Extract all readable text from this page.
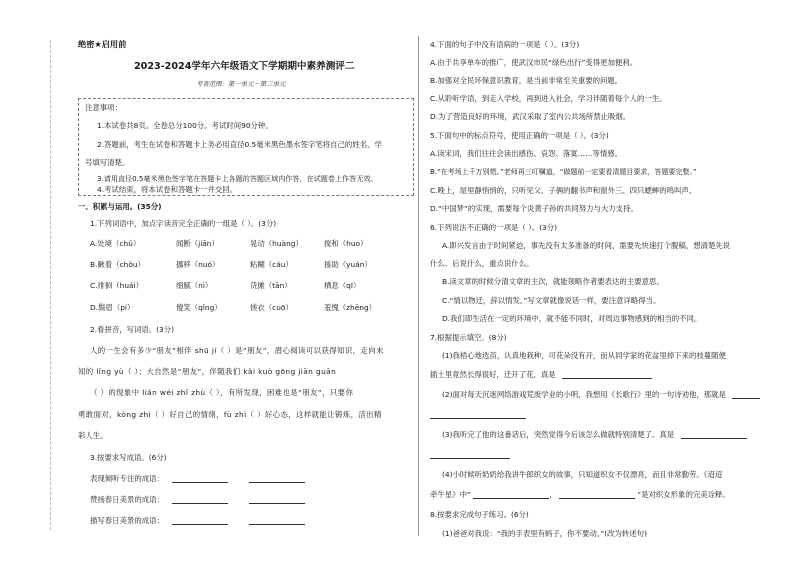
绝密★启用前
2023-2024学年六年级语文下学期期中素养测评二
考查范围：第一单元～第三单元
注意事项：
1.本试卷共8页。全卷总分100分。考试时间90分钟。
2.答题前，考生在试卷和答题卡上务必用直径0.5毫米黑色墨水签字笔将自己的姓名、学
号填写清楚。
3.请用直径0.5毫米黑色签字笔在答题卡上各题的答题区域内作答，在试题卷上作答无效。
4.考试结束，将本试卷和答题卡一并交回。
一、积累与运用。(35分)
1.下列词语中，加点字读音完全正确的一组是（ ）。(3分)
A.处境（chǔ）	闻断（jiān）	晃动（huàng）	搅和（huo）
B.瞅着（chǒu）	挪移（nuó）	粘糊（cáu）	援助（yuán）
C.徘徊（huái）	细腻（nì）	货摊（tān）	栖息（qī）
D.鬓眉（pí）	傻笑（qǐng）	搓衣（cuō）	羞愧（zhēng）
2.看拼音，写词语。(3分)
人的一生会有多少“朋友”相伴 shū jí（ ）是“朋友”，潜心阅读可以获得知识，走向未
知的 lǐng yù（ ）；大自然是“朋友”，伴随我们 kǎi kuò gōng jiān guān
（ ）的现象中 lián wéi zhǐ zhù（ ），有所发现，困难也是“朋友”，只要你
勇敢面对，kòng zhì（ ）好自己的情绪，fù zhì（ ）好心态，这样就能让锻炼，活出精
彩人生。
3.按要求写成语。(6分)
表现倾听专注的成语：
赞扬春日美景的成语：
描写春日美景的成语：
4.下面的句子中没有语病的一项是（ ）。(3分)
A.由于共享单车的推广，使武汉市民“绿色出行”变得更加便利。
B.加强对全民环保意识教育，是当前非常至关重要的问题。
C.从聆听学语，到走入学校，再到进入社会，学习伴随着每个人的一生。
D.为了营造良好的环境，武汉采取了室内公共场所禁止吸烟。
5.下面句中的标点符号，使用正确的一项是（ ）。(3分)
A.读宋词，我们往往会读出感伤、哀怨、落寞……等情感。
B.“在考场上千万别慌。”老师再三叮嘱道，“做题前一定要看清题目要求，答题要完整。”
C.晚上，屋里静悄悄的，只听见父、子俩的翻书声和窗外三、四只蟋蟀的鸣叫声。
D.“中国梦”的实现，需要每个炎黄子孙的共同努力与大力支持。
6.下列说法不正确的一项是（ ）。(3分)
A.即兴发言由于时间紧迫，事先没有太多准备的时间，需要先快速打个腹稿，想清楚先说
什么、后说什么，重点说什么。
B.读文章的时候分清文章的主次，就能领略作者要表达的主要意思。
C.“情以物迁，辞以情发。”写文章就像说话一样，要注意详略得当。
D.我们即生活在一定的环境中，就不能不同时，对周边事物感到的相当的不同。
7.根据提示填空。(8分)
(1)我梧心地选苗，认真地栽种，可花朵没有开，而从同学家的花盆里掉下来的枝蔓随便
插土里竟然长得很好，迁开了花，真是
(2)面对每天沉迷网络游戏荒废学业的小明，我想用《长歌行》里的一句诗劝他，那就是
(3)我听完了他的这番话后，突然觉得今后该怎么做就特别清楚了。真是
(4)小时候听奶奶给我讲牛郎织女的故事，只知道织女不仅漂亮，而且非常勤劳。《迢迢
牵牛星》中“	，	”是对织女形象的完美诠释。
8.按要求完成句子练习。(6分)
(1)爸爸对我说：“我的手表里有蚂子，你不要动。”(改为转述句)
